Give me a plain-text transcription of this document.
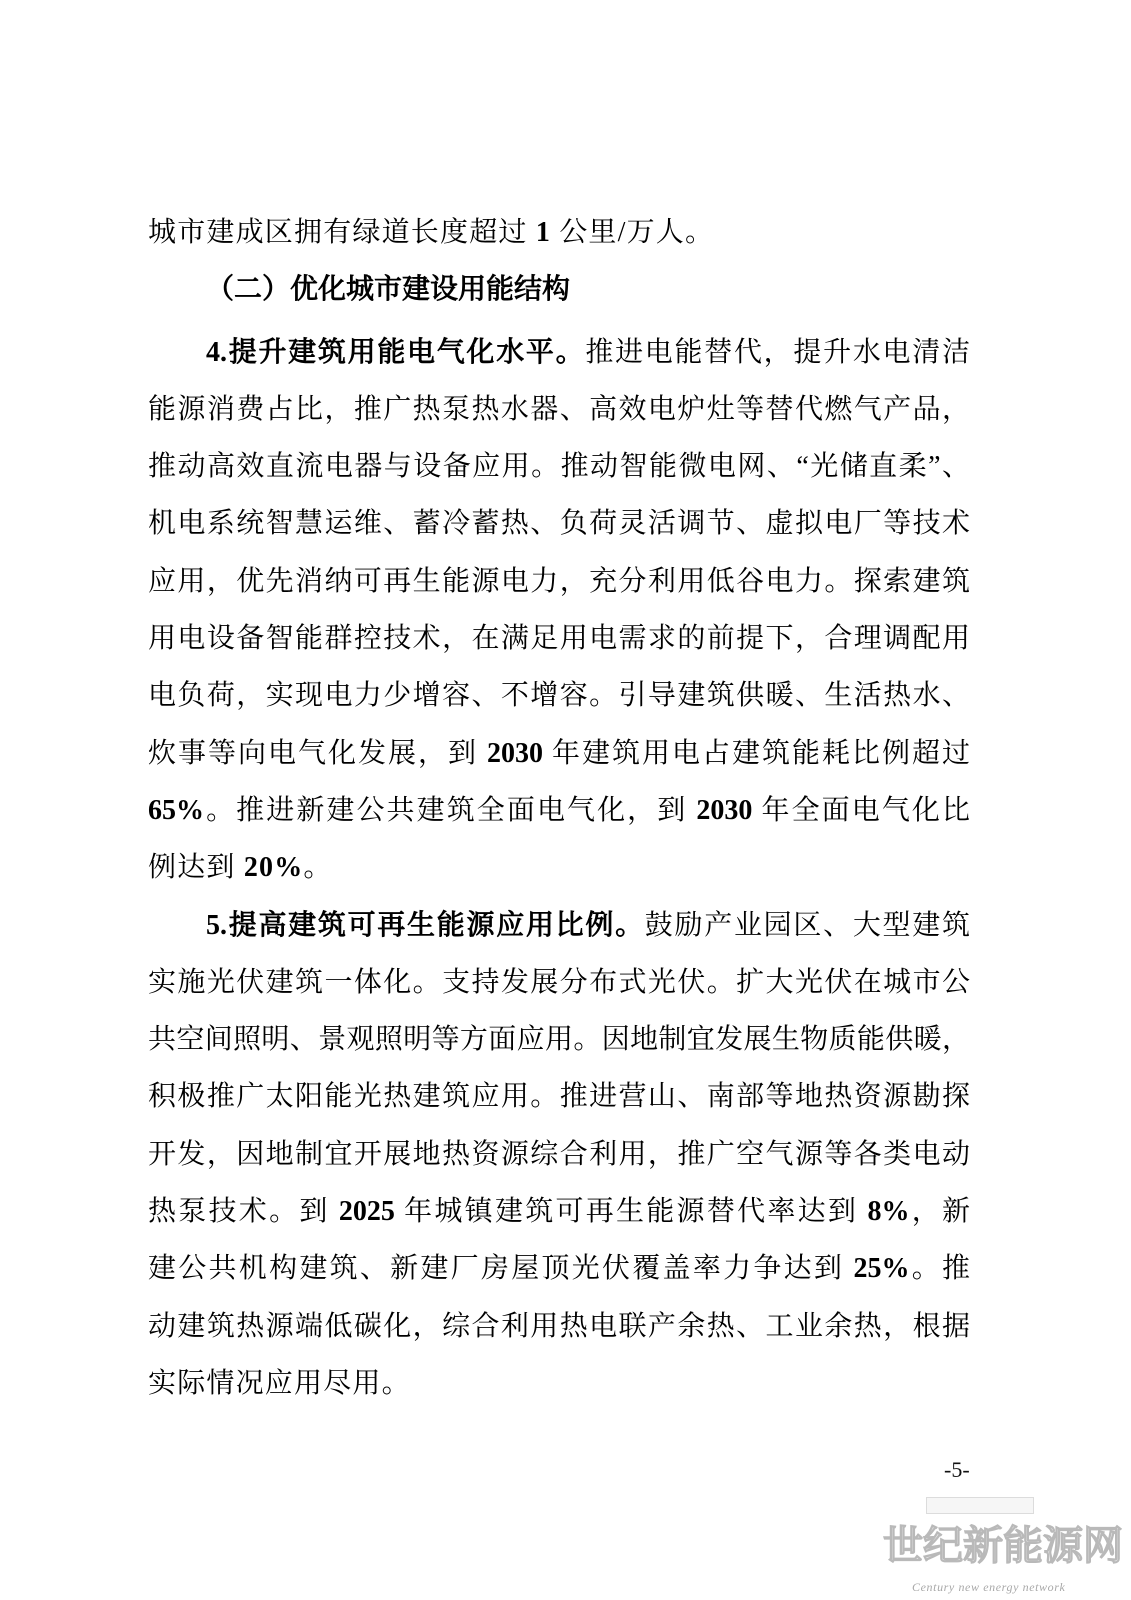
城市建成区拥有绿道长度超过 1 公里/万人。
（二）优化城市建设用能结构
4.提升建筑用能电气化水平。推进电能替代，提升水电清洁
能源消费占比，推广热泵热水器、高效电炉灶等替代燃气产品，
推动高效直流电器与设备应用。推动智能微电网、“光储直柔”、
机电系统智慧运维、蓄冷蓄热、负荷灵活调节、虚拟电厂等技术
应用，优先消纳可再生能源电力，充分利用低谷电力。探索建筑
用电设备智能群控技术，在满足用电需求的前提下，合理调配用
电负荷，实现电力少增容、不增容。引导建筑供暖、生活热水、
炊事等向电气化发展，到 2030 年建筑用电占建筑能耗比例超过
65%。推进新建公共建筑全面电气化，到 2030 年全面电气化比
例达到 20%。
5.提高建筑可再生能源应用比例。鼓励产业园区、大型建筑
实施光伏建筑一体化。支持发展分布式光伏。扩大光伏在城市公
共空间照明、景观照明等方面应用。因地制宜发展生物质能供暖，
积极推广太阳能光热建筑应用。推进营山、南部等地热资源勘探
开发，因地制宜开展地热资源综合利用，推广空气源等各类电动
热泵技术。到 2025 年城镇建筑可再生能源替代率达到 8%，新
建公共机构建筑、新建厂房屋顶光伏覆盖率力争达到 25%。推
动建筑热源端低碳化，综合利用热电联产余热、工业余热，根据
实际情况应用尽用。
-5-
世纪新能源网
Century new energy network
